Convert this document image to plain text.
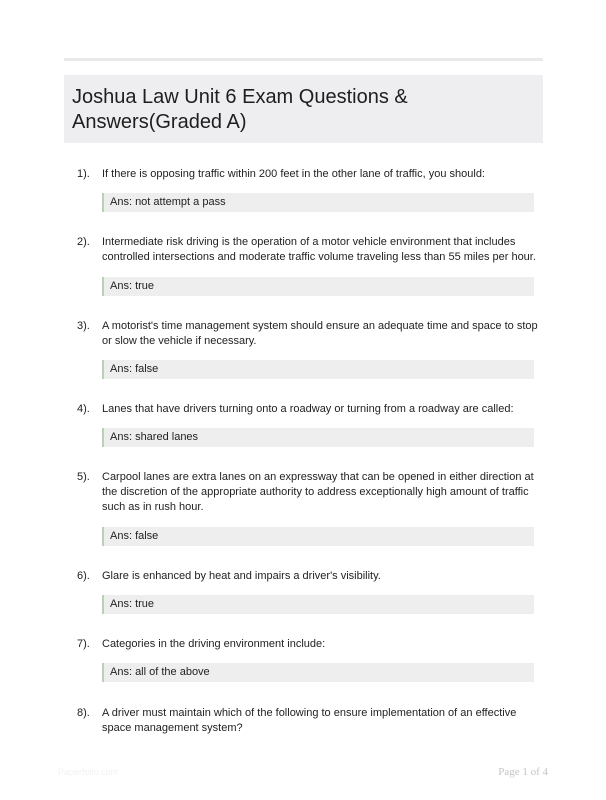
Joshua Law Unit 6 Exam Questions & Answers(Graded A)
1). If there is opposing traffic within 200 feet in the other lane of traffic, you should:
Ans: not attempt a pass
2). Intermediate risk driving is the operation of a motor vehicle environment that includes controlled intersections and moderate traffic volume traveling less than 55 miles per hour.
Ans: true
3). A motorist's time management system should ensure an adequate time and space to stop or slow the vehicle if necessary.
Ans: false
4). Lanes that have drivers turning onto a roadway or turning from a roadway are called:
Ans: shared lanes
5). Carpool lanes are extra lanes on an expressway that can be opened in either direction at the discretion of the appropriate authority to address exceptionally high amount of traffic such as in rush hour.
Ans: false
6). Glare is enhanced by heat and impairs a driver's visibility.
Ans: true
7). Categories in the driving environment include:
Ans: all of the above
8). A driver must maintain which of the following to ensure implementation of an effective space management system?
Paperfolio.com	Page 1 of 4
